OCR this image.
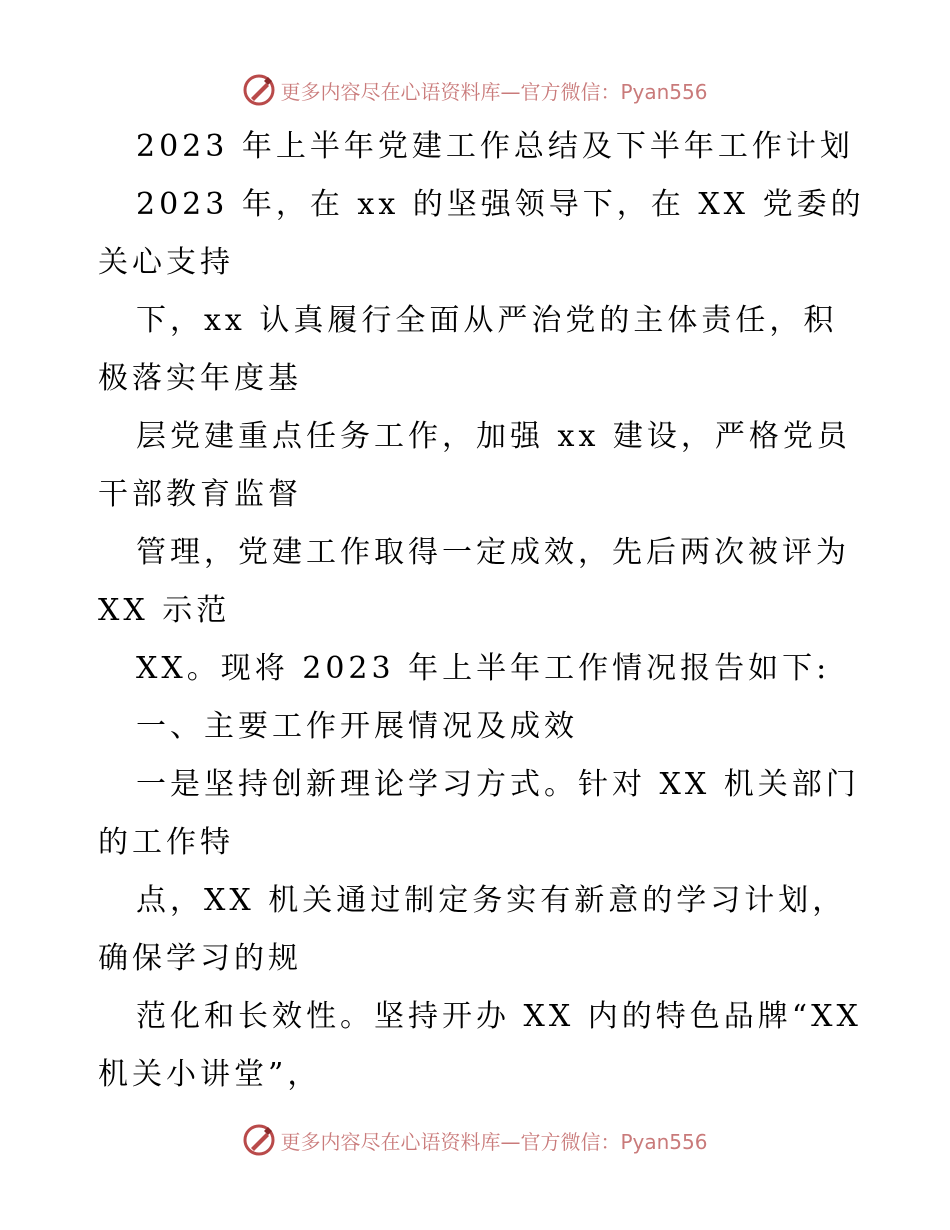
更多内容尽在心语资料库—官方微信：Pyan556
2023 年上半年党建工作总结及下半年工作计划
2023 年，在 xx 的坚强领导下，在 XX 党委的
关心支持
下，xx 认真履行全面从严治党的主体责任，积
极落实年度基
层党建重点任务工作，加强 xx 建设，严格党员
干部教育监督
管理，党建工作取得一定成效，先后两次被评为
XX 示范
XX。现将 2023 年上半年工作情况报告如下:
一、主要工作开展情况及成效
一是坚持创新理论学习方式。针对 XX 机关部门
的工作特
点，XX 机关通过制定务实有新意的学习计划，
确保学习的规
范化和长效性。坚持开办 XX 内的特色品牌“XX
机关小讲堂”，
更多内容尽在心语资料库—官方微信：Pyan556
